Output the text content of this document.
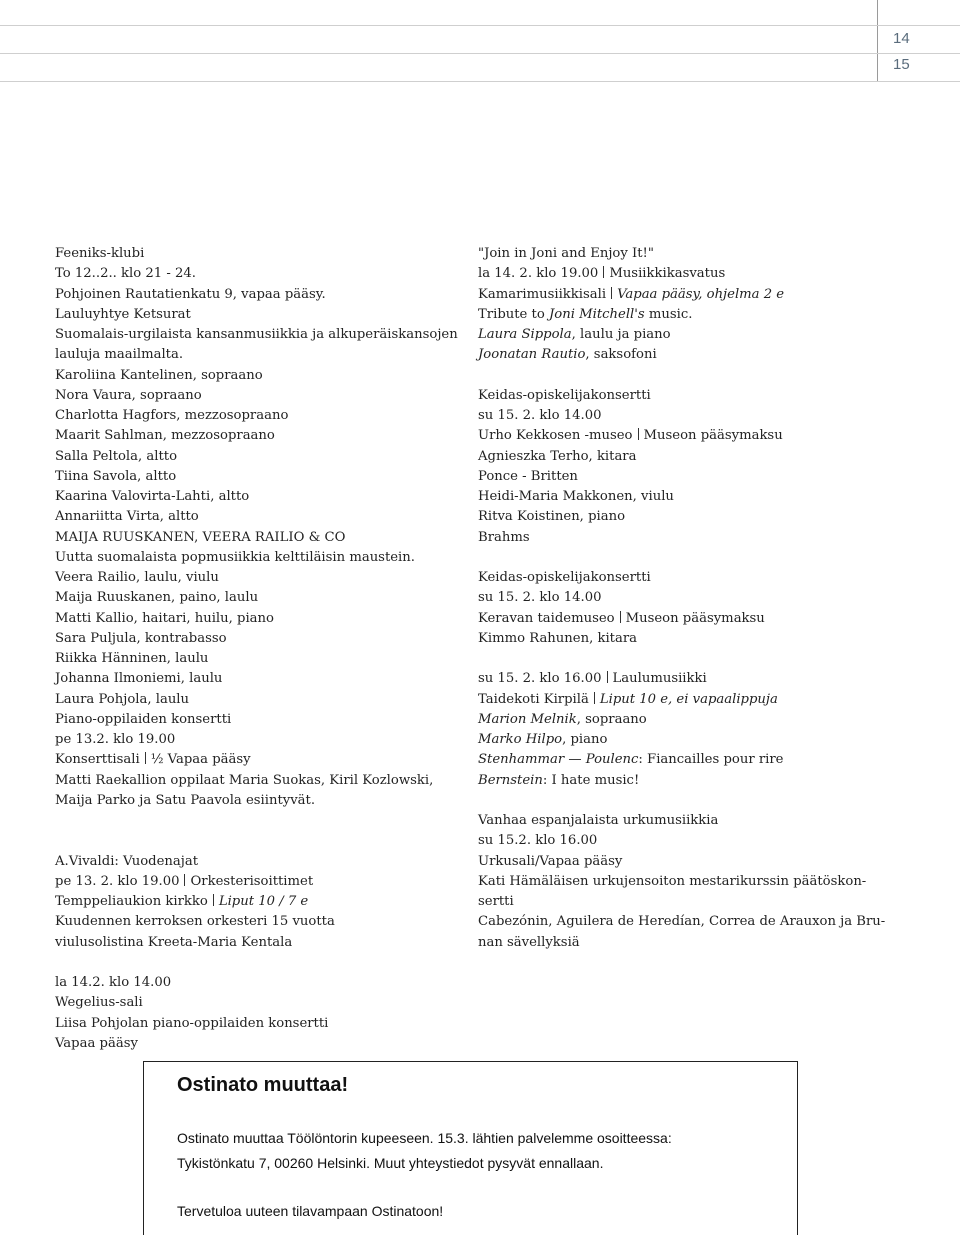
14
15
Feeniks-klubi
To 12..2.. klo 21 - 24.
Pohjoinen Rautatienkatu 9, vapaa pääsy.
Lauluyhtye Ketsurat
Suomalais-urgilaista kansanmusiikkia ja alkuperäiskansojen
lauluja maailmalta.
Karoliina Kantelinen, sopraano
Nora Vaura, sopraano
Charlotta Hagfors, mezzosopraano
Maarit Sahlman, mezzosopraano
Salla Peltola, altto
Tiina Savola, altto
Kaarina Valovirta-Lahti, altto
Annariitta Virta, altto
MAIJA RUUSKANEN, VEERA RAILIO & CO
Uutta suomalaista popmusiikkia kelttiläisin maustein.
Veera Railio, laulu, viulu
Maija Ruuskanen, paino, laulu
Matti Kallio, haitari, huilu, piano
Sara Puljula, kontrabasso
Riikka Hänninen, laulu
Johanna Ilmoniemi, laulu
Laura Pohjola, laulu
Piano-oppilaiden konsertti
pe 13.2. klo 19.00
Konserttisali ½ Vapaa pääsy
Matti Raekallion oppilaat Maria Suokas, Kiril Kozlowski,
Maija Parko ja Satu Paavola esiintyvät.
A.Vivaldi: Vuodenajat
pe 13. 2. klo 19.00 Orkesterisoittimet
Temppeliaukion kirkko Liput 10 / 7 e
Kuudennen kerroksen orkesteri 15 vuotta
viulusolistina Kreeta-Maria Kentala
la 14.2. klo 14.00
Wegelius-sali
Liisa Pohjolan piano-oppilaiden konsertti
Vapaa pääsy
"Join in Joni and Enjoy It!"
la 14. 2. klo 19.00 Musiikkikasvatus
Kamarimusiikkisali Vapaa pääsy, ohjelma 2 e
Tribute to Joni Mitchell's music.
Laura Sippola, laulu ja piano
Joonatan Rautio, saksofoni
Keidas-opiskelijakonsertti
su 15. 2. klo 14.00
Urho Kekkosen -museo Museon pääsymaksu
Agnieszka Terho, kitara
Ponce - Britten
Heidi-Maria Makkonen, viulu
Ritva Koistinen, piano
Brahms
Keidas-opiskelijakonsertti
su 15. 2. klo 14.00
Keravan taidemuseo Museon pääsymaksu
Kimmo Rahunen, kitara
su 15. 2. klo 16.00 Laulumusiikki
Taidekoti Kirpilä Liput 10 e, ei vapaalippuja
Marion Melnik, sopraano
Marko Hilpo, piano
Stenhammar — Poulenc: Fiancailles pour rire
Bernstein: I hate music!
Vanhaa espanjalaista urkumusiikkia
su 15.2. klo 16.00
Urkusali/Vapaa pääsy
Kati Hämäläisen urkujensoiton mestarikurssin päätöskon-
sertti
Cabezónin, Aguilera de Heredían, Correa de Arauxon ja Bru-
nan sävellyksiä
Ostinato muuttaa!
Ostinato muuttaa Töölöntorin kupeeseen. 15.3. lähtien palvelemme osoitteessa:
Tykistönkatu 7, 00260 Helsinki. Muut yhteystiedot pysyvät ennallaan.
Tervetuloa uuteen tilavampaan Ostinatoon!
